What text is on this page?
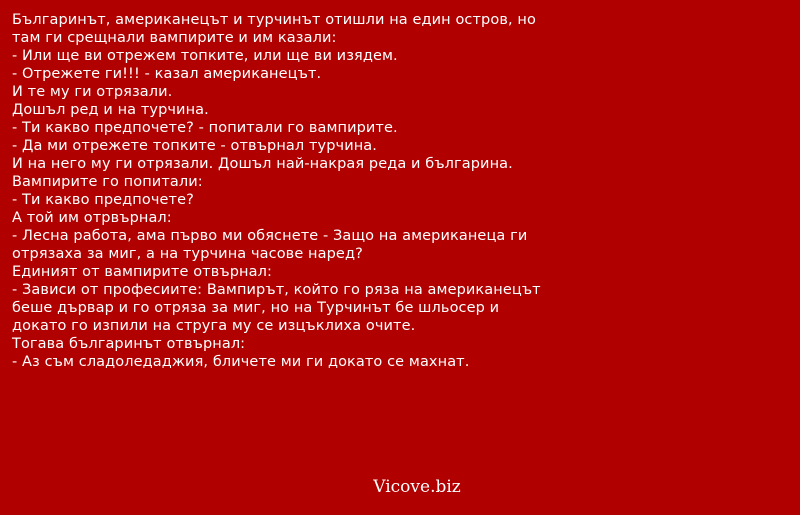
Българинът, американецът и турчинът отишли на един остров, но
там ги срещнали вампирите и им казали:
- Или ще ви отрежем топките, или ще ви изядем.
- Отрежете ги!!! - казал американецът.
И те му ги отрязали.
Дошъл ред и на турчина.
- Ти какво предпочете? - попитали го вампирите.
- Да ми отрежете топките - отвърнал турчина.
И на него му ги отрязали. Дошъл най-накрая реда и българина.
Вампирите го попитали:
- Ти какво предпочете?
А той им отрвърнал:
- Лесна работа, ама първо ми обяснете - Защо на американеца ги
отрязаха за миг, а на турчина часове наред?
Единият от вампирите отвърнал:
- Зависи от професиите: Вампирът, който го ряза на американецът
беше дървар и го отряза за миг, но на Турчинът бе шльосер и
докато го изпили на струга му се изцъклиха очите.
Тогава българинът отвърнал:
- Аз съм сладоледаджия, бличете ми ги докато се махнат.
Vicove.biz
